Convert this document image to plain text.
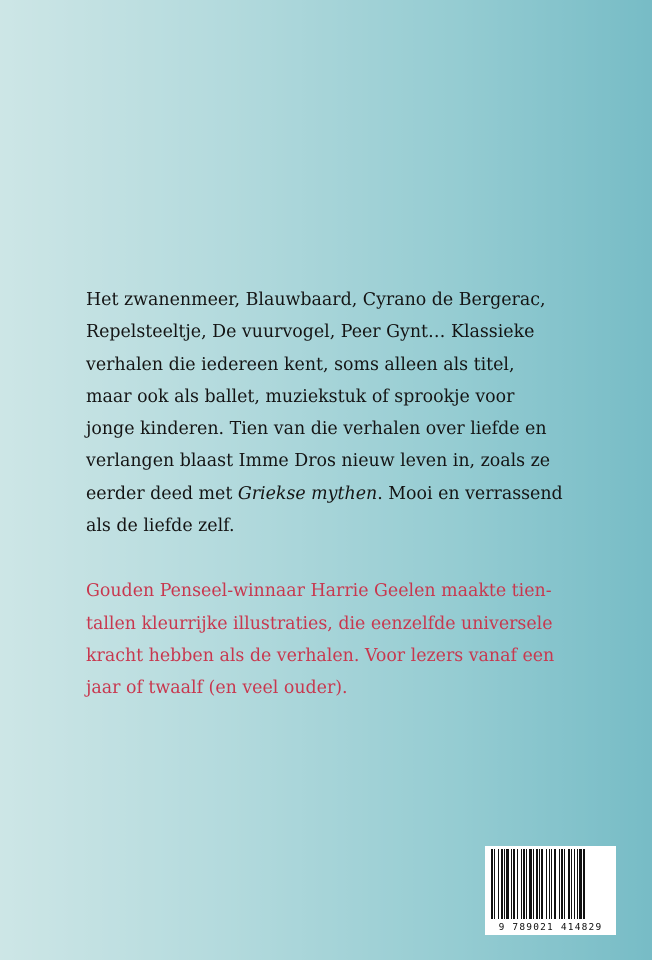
Het zwanenmeer, Blauwbaard, Cyrano de Bergerac,
Repelsteeltje, De vuurvogel, Peer Gynt… Klassieke
verhalen die iedereen kent, soms alleen als titel,
maar ook als ballet, muziekstuk of sprookje voor
jonge kinderen. Tien van die verhalen over liefde en
verlangen blaast Imme Dros nieuw leven in, zoals ze
eerder deed met Griekse mythen. Mooi en verrassend
als de liefde zelf.

Gouden Penseel-winnaar Harrie Geelen maakte tien-
tallen kleurrijke illustraties, die eenzelfde universele
kracht hebben als de verhalen. Voor lezers vanaf een
jaar of twaalf (en veel ouder).

9 789021 414829
